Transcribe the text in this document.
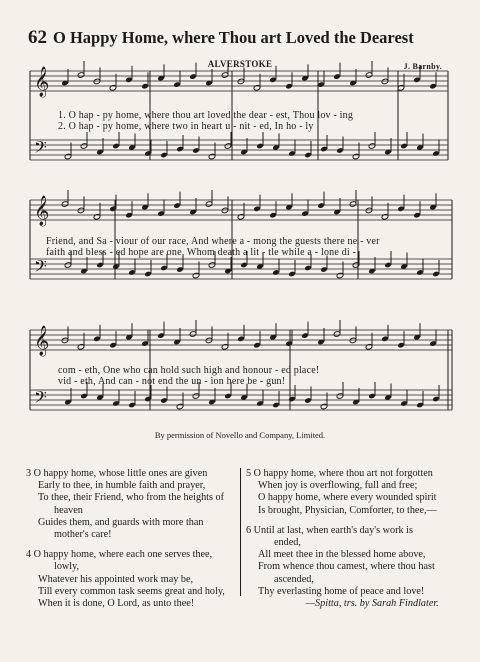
62 O Happy Home, where Thou art Loved the Dearest
ALVERSTOKE	J. Barnby.
𝄞
𝄢
𝄞
𝄢
𝄞
𝄢
1. O hap - py home, where thou art loved the dear - est, Thou lov - ing
2. O hap - py home, where two in heart u - nit - ed, In ho - ly
Friend, and Sa - viour of our race, And where a - mong the guests there ne - ver
faith and bless - ed hope are one, Whom death a lit - tle while a - lone di -
com - eth, One who can hold such high and honour - ed place!
vid - eth, And can - not end the un - ion here be - gun!
By permission of Novello and Company, Limited.
3 O happy home, whose little ones are given
Early to thee, in humble faith and prayer,
To thee, their Friend, who from the heights of
heaven
Guides them, and guards with more than
mother's care!
4 O happy home, where each one serves thee,
lowly,
Whatever his appointed work may be,
Till every common task seems great and holy,
When it is done, O Lord, as unto thee!
5 O happy home, where thou art not forgotten
When joy is overflowing, full and free;
O happy home, where every wounded spirit
Is brought, Physician, Comforter, to thee,—
6 Until at last, when earth's day's work is
ended,
All meet thee in the blessed home above,
From whence thou camest, where thou hast
ascended,
Thy everlasting home of peace and love!
—Spitta, trs. by Sarah Findlater.
